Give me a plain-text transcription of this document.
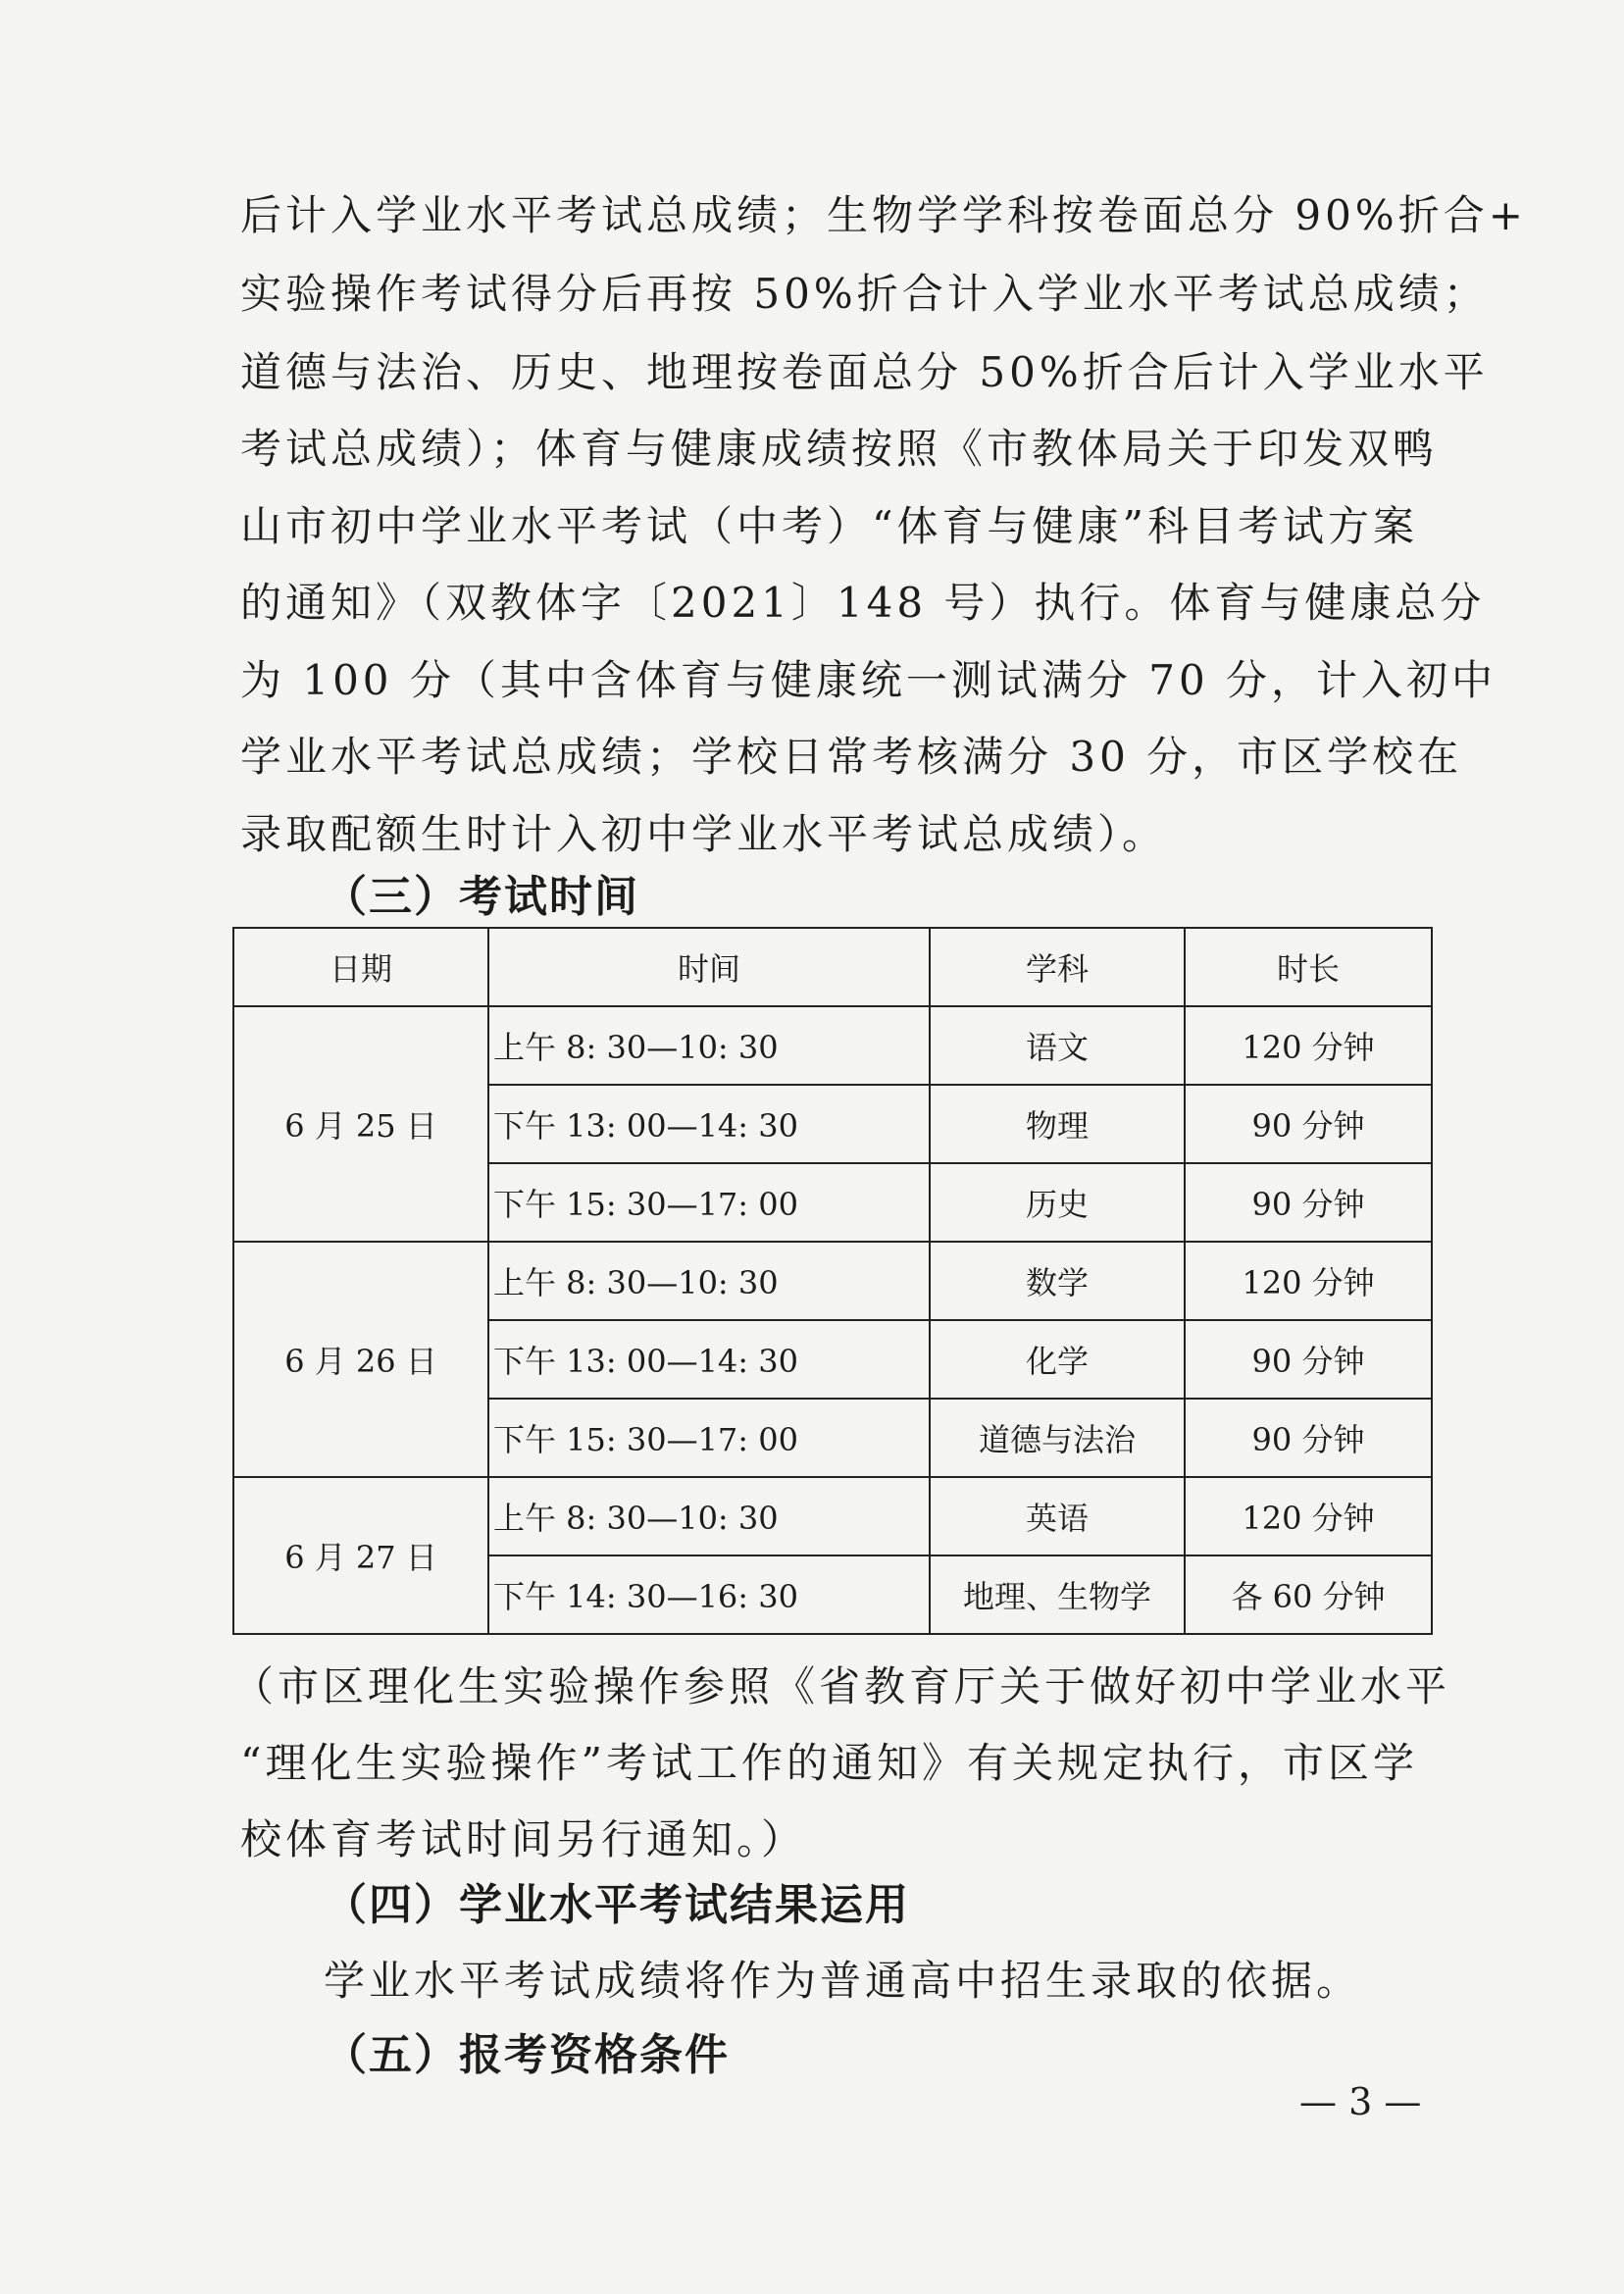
后计入学业水平考试总成绩；生物学学科按卷面总分 90%折合+
实验操作考试得分后再按 50%折合计入学业水平考试总成绩；
道德与法治、历史、地理按卷面总分 50%折合后计入学业水平
考试总成绩）；体育与健康成绩按照《市教体局关于印发双鸭
山市初中学业水平考试（中考）“体育与健康”科目考试方案
的通知》（双教体字〔2021〕148 号）执行。体育与健康总分
为 100 分（其中含体育与健康统一测试满分 70 分，计入初中
学业水平考试总成绩；学校日常考核满分 30 分，市区学校在
录取配额生时计入初中学业水平考试总成绩）。
（三）考试时间
日期	时间	学科	时长
6 月 25 日	上午 8: 30—10: 30	语文	120 分钟
	下午 13: 00—14: 30	物理	90 分钟
	下午 15: 30—17: 00	历史	90 分钟
6 月 26 日	上午 8: 30—10: 30	数学	120 分钟
	下午 13: 00—14: 30	化学	90 分钟
	下午 15: 30—17: 00	道德与法治	90 分钟
6 月 27 日	上午 8: 30—10: 30	英语	120 分钟
	下午 14: 30—16: 30	地理、生物学	各 60 分钟
（市区理化生实验操作参照《省教育厅关于做好初中学业水平
“理化生实验操作”考试工作的通知》有关规定执行，市区学
校体育考试时间另行通知。）
（四）学业水平考试结果运用
学业水平考试成绩将作为普通高中招生录取的依据。
（五）报考资格条件
— 3 —
